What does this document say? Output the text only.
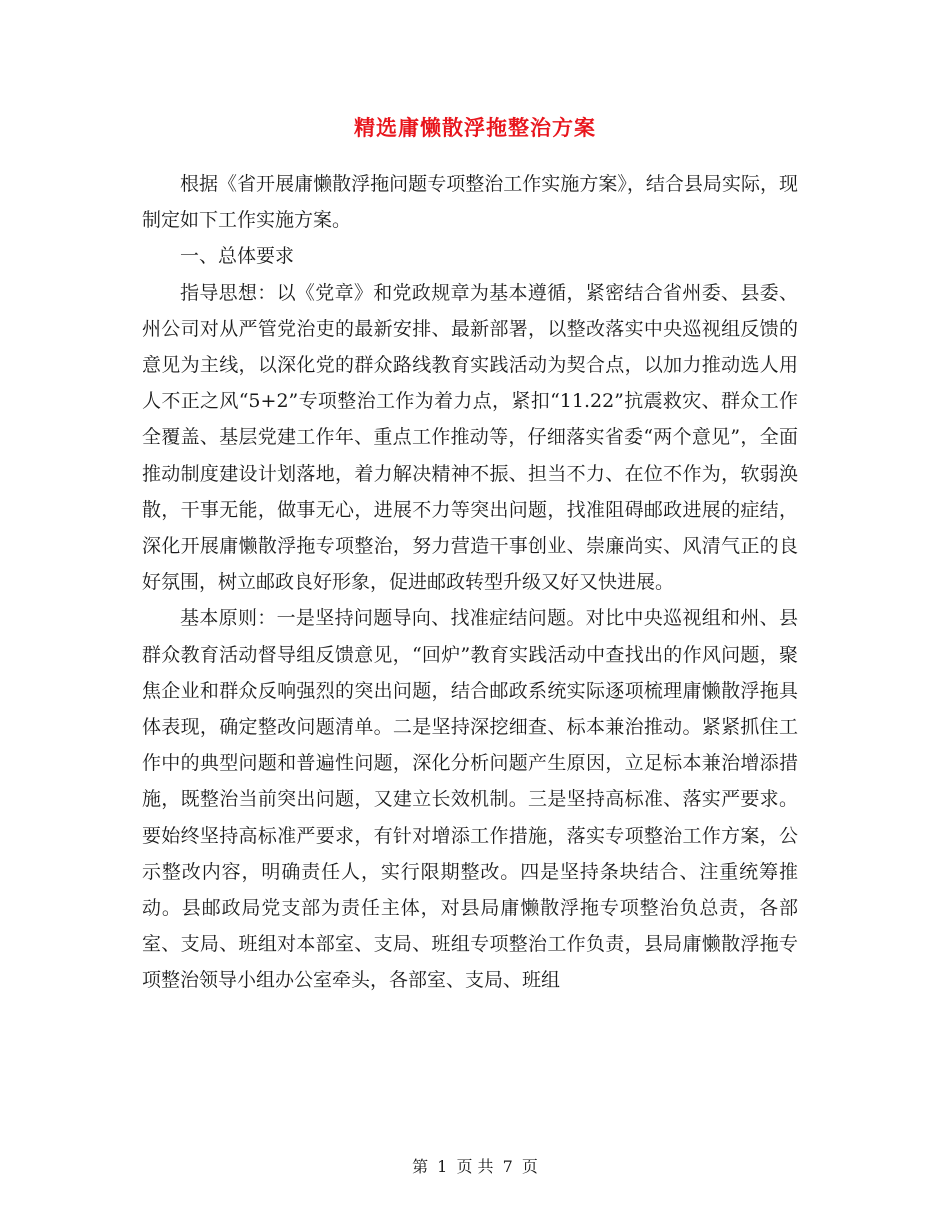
精选庸懒散浮拖整治方案

根据《省开展庸懒散浮拖问题专项整治工作实施方案》，结合县局实际，现制定如下工作实施方案。

一、总体要求

指导思想：以《党章》和党政规章为基本遵循，紧密结合省州委、县委、州公司对从严管党治吏的最新安排、最新部署，以整改落实中央巡视组反馈的意见为主线，以深化党的群众路线教育实践活动为契合点，以加力推动选人用人不正之风“5+2”专项整治工作为着力点，紧扣“11.22”抗震救灾、群众工作全覆盖、基层党建工作年、重点工作推动等，仔细落实省委“两个意见”，全面推动制度建设计划落地，着力解决精神不振、担当不力、在位不作为，软弱涣散，干事无能，做事无心，进展不力等突出问题，找准阻碍邮政进展的症结，深化开展庸懒散浮拖专项整治，努力营造干事创业、崇廉尚实、风清气正的良好氛围，树立邮政良好形象，促进邮政转型升级又好又快进展。

基本原则：一是坚持问题导向、找准症结问题。对比中央巡视组和州、县群众教育活动督导组反馈意见，“回炉”教育实践活动中查找出的作风问题，聚焦企业和群众反响强烈的突出问题，结合邮政系统实际逐项梳理庸懒散浮拖具体表现，确定整改问题清单。二是坚持深挖细查、标本兼治推动。紧紧抓住工作中的典型问题和普遍性问题，深化分析问题产生原因，立足标本兼治增添措施，既整治当前突出问题，又建立长效机制。三是坚持高标准、落实严要求。要始终坚持高标准严要求，有针对增添工作措施，落实专项整治工作方案，公示整改内容，明确责任人，实行限期整改。四是坚持条块结合、注重统筹推动。县邮政局党支部为责任主体，对县局庸懒散浮拖专项整治负总责，各部室、支局、班组对本部室、支局、班组专项整治工作负责，县局庸懒散浮拖专项整治领导小组办公室牵头，各部室、支局、班组

第 1 页 共 7 页
